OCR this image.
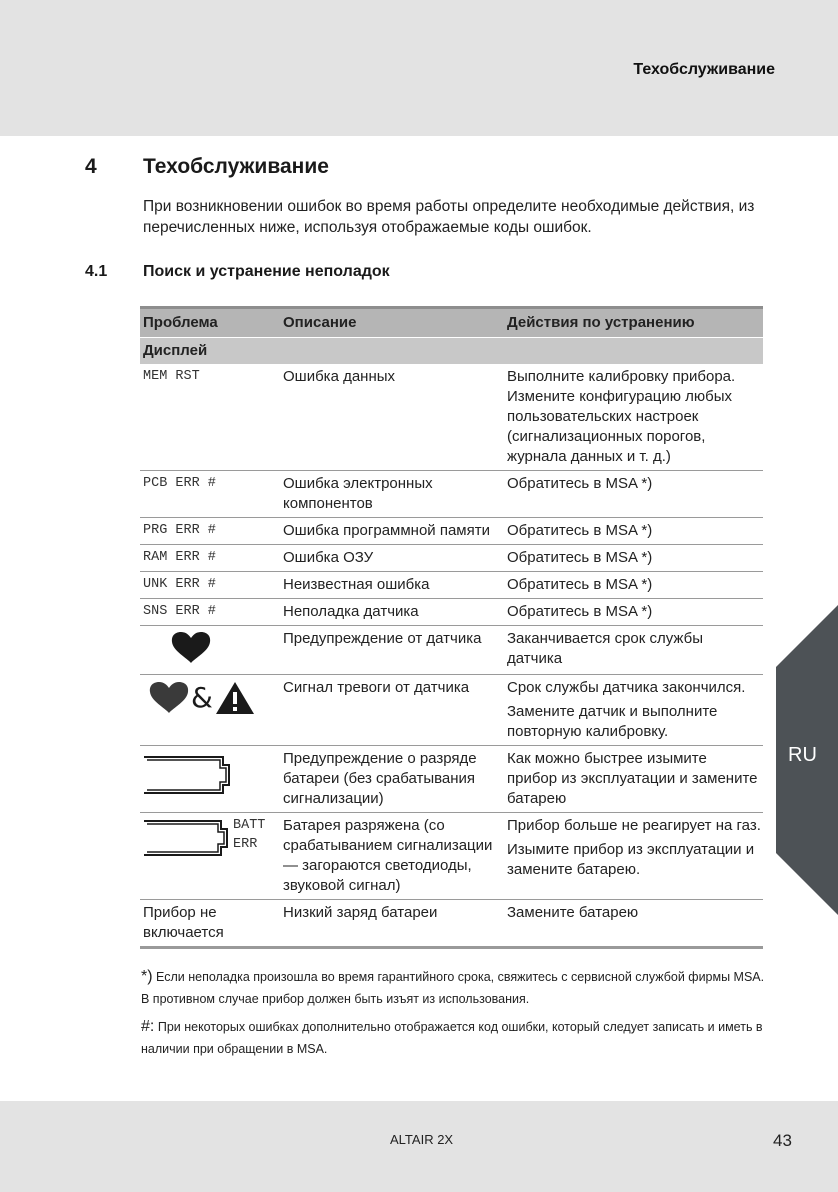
Техобслуживание
4 Техобслуживание
При возникновении ошибок во время работы определите необходимые действия, из перечисленных ниже, используя отображаемые коды ошибок.
4.1 Поиск и устранение неполадок
Проблема	Описание	Действия по устранению
Дисплей		
MEM RST	Ошибка данных	Выполните калибровку прибора. Измените конфигурацию любых пользовательских настроек (сигнализационных порогов, журнала данных и т. д.)
PCB ERR #	Ошибка электронных компонентов	Обратитесь в MSA *)
PRG ERR #	Ошибка программной памяти	Обратитесь в MSA *)
RAM ERR #	Ошибка ОЗУ	Обратитесь в MSA *)
UNK ERR #	Неизвестная ошибка	Обратитесь в MSA *)
SNS ERR #	Неполадка датчика	Обратитесь в MSA *)
	Предупреждение от датчика	Заканчивается срок службы датчика

&	Сигнал тревоги от датчика	Срок службы датчика закончился.
Замените датчик и выполните повторную калибровку.

	Предупреждение о разряде батареи (без срабатывания сигнализации)	Как можно быстрее изымите прибор из эксплуатации и замените батарею

BATT
ERR	Батарея разряжена (со срабатыванием сигнализации — загораются светодиоды, звуковой сигнал)	Прибор больше не реагирует на газ.
Изымите прибор из эксплуатации и замените батарею.

Прибор не включается	Низкий заряд батареи	Замените батарею
*) Если неполадка произошла во время гарантийного срока, свяжитесь с сервисной службой фирмы MSA. В противном случае прибор должен быть изъят из использования.
#: При некоторых ошибках дополнительно отображается код ошибки, который следует записать и иметь в наличии при обращении в MSA.
RU
ALTAIR 2X	43
